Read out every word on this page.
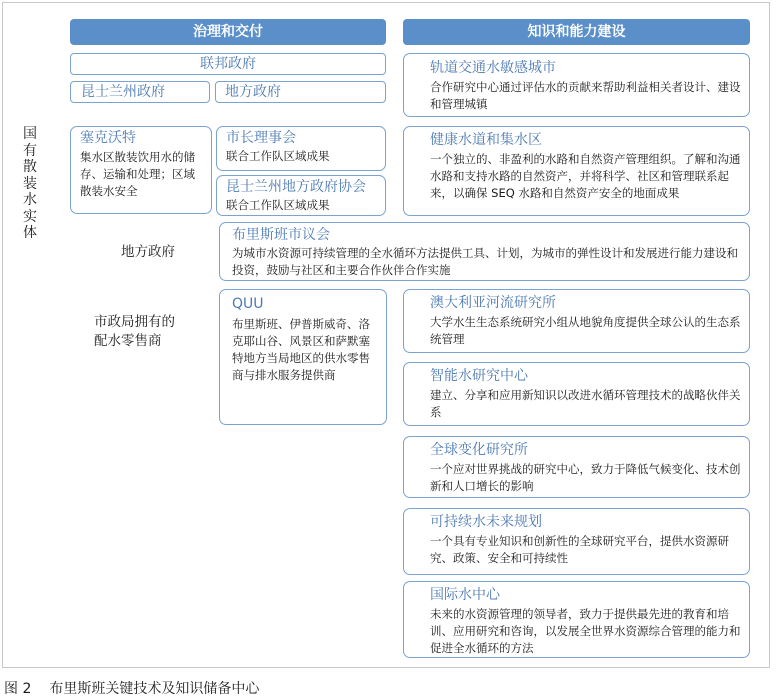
治理和交付	知识和能力建设
国有散装水实体
地方政府
市政局拥有的
配水零售商
联邦政府
昆士兰州政府	地方政府
塞克沃特
集水区散装饮用水的储存、运输和处理；区域散装水安全
市长理事会
联合工作队区域成果
昆士兰州地方政府协会
联合工作队区域成果
布里斯班市议会
为城市水资源可持续管理的全水循环方法提供工具、计划，为城市的弹性设计和发展进行能力建设和投资，鼓励与社区和主要合作伙伴合作实施
QUU
布里斯班、伊普斯威奇、洛克耶山谷、风景区和萨默塞特地方当局地区的供水零售商与排水服务提供商
轨道交通水敏感城市
合作研究中心通过评估水的贡献来帮助利益相关者设计、建设和管理城镇
健康水道和集水区
一个独立的、非盈利的水路和自然资产管理组织。了解和沟通水路和支持水路的自然资产，并将科学、社区和管理联系起来，以确保 SEQ 水路和自然资产安全的地面成果
澳大利亚河流研究所
大学水生生态系统研究小组从地貌角度提供全球公认的生态系统管理
智能水研究中心
建立、分享和应用新知识以改进水循环管理技术的战略伙伴关系
全球变化研究所
一个应对世界挑战的研究中心，致力于降低气候变化、技术创新和人口增长的影响
可持续水未来规划
一个具有专业知识和创新性的全球研究平台，提供水资源研究、政策、安全和可持续性
国际水中心
未来的水资源管理的领导者，致力于提供最先进的教育和培训、应用研究和咨询，以发展全世界水资源综合管理的能力和促进全水循环的方法
图 2 布里斯班关键技术及知识储备中心
